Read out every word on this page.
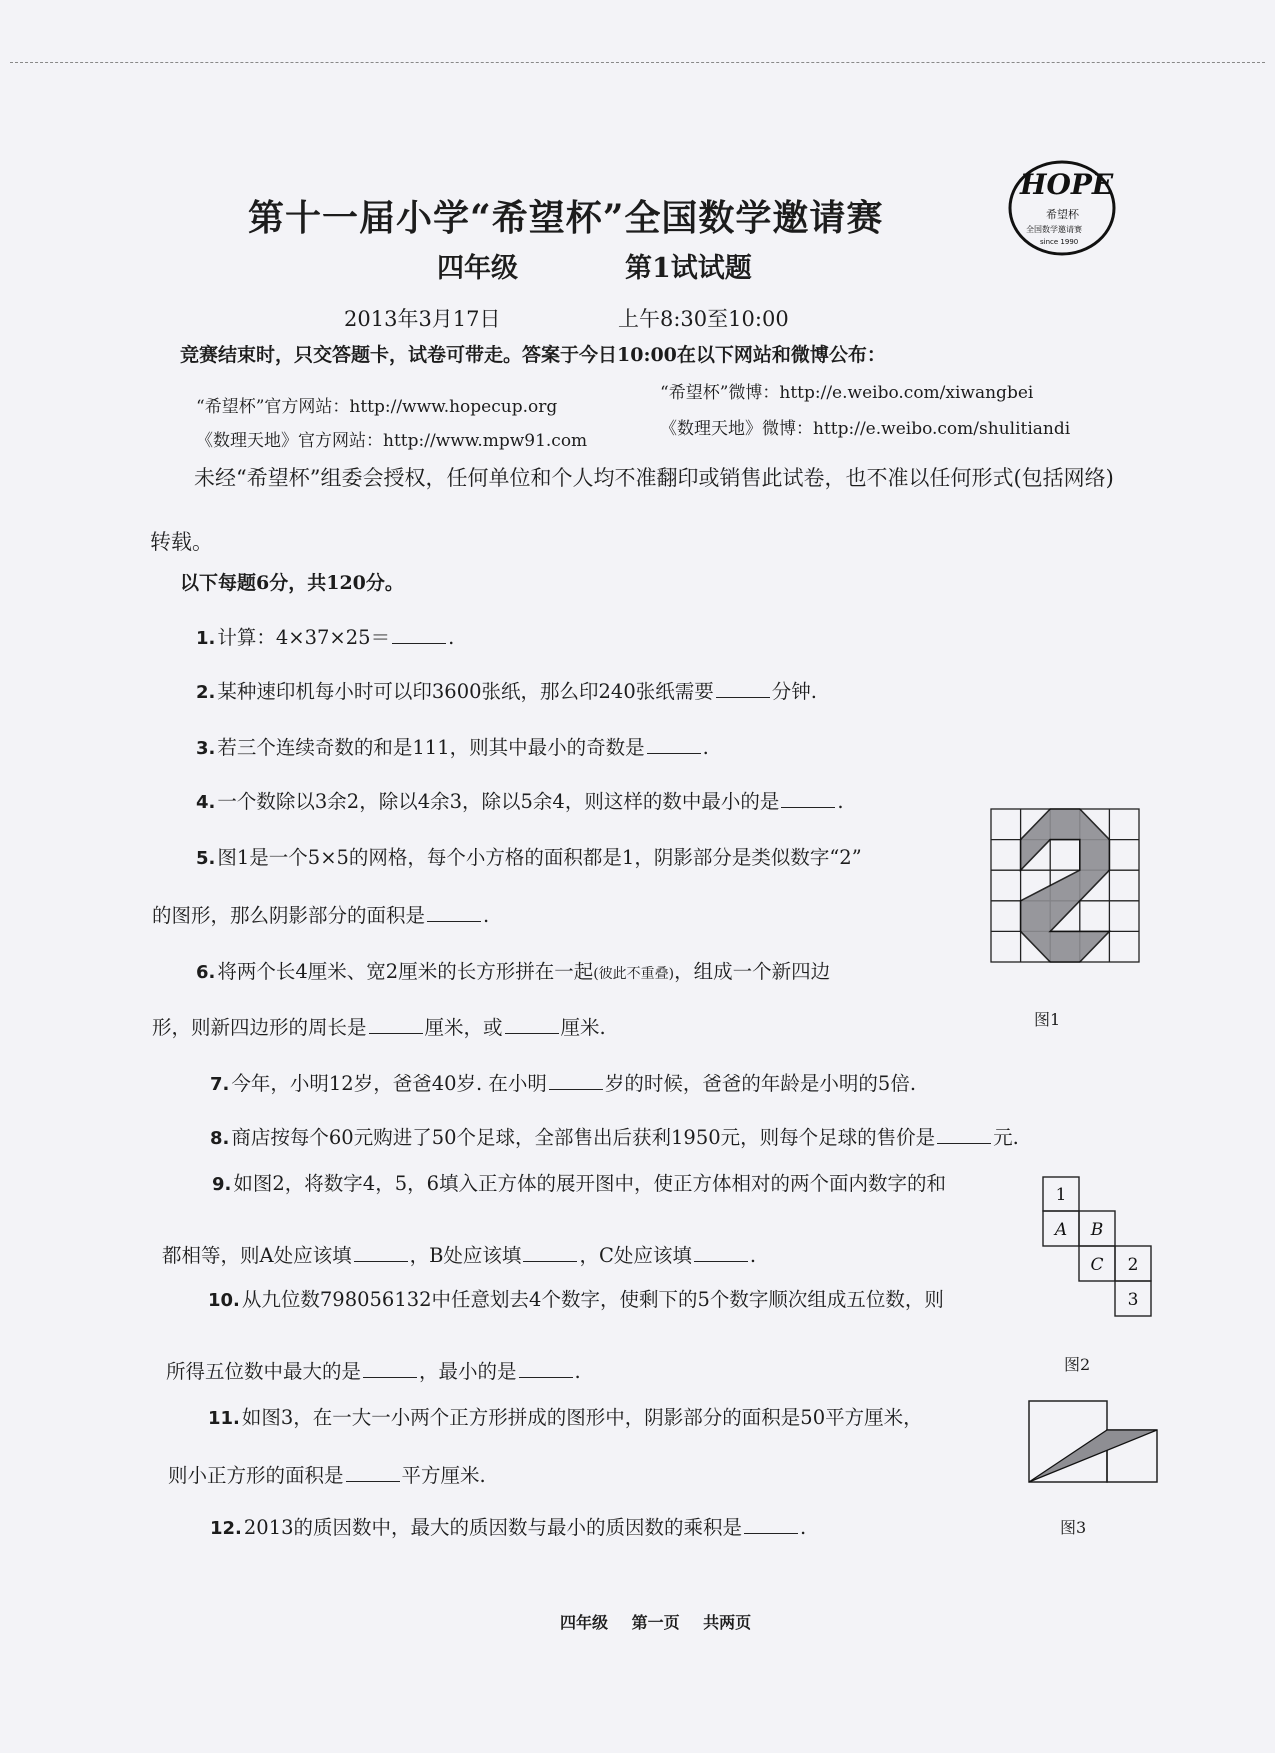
第十一届小学“希望杯”全国数学邀请赛
HOPE
希望杯
全国数学邀请赛
since 1990
四年级	第1试试题
2013年3月17日	上午8:30至10:00
竞赛结束时，只交答题卡，试卷可带走。答案于今日10:00在以下网站和微博公布：
“希望杯”官方网站：http://www.hopecup.org
“希望杯”微博：http://e.weibo.com/xiwangbei
《数理天地》官方网站：http://www.mpw91.com
《数理天地》微博：http://e.weibo.com/shulitiandi
未经“希望杯”组委会授权，任何单位和个人均不准翻印或销售此试卷，也不准以任何形式(包括网络)转载。
以下每题6分，共120分。
1. 计算：4×37×25＝	.
2. 某种速印机每小时可以印3600张纸，那么印240张纸需要	分钟.
3. 若三个连续奇数的和是111，则其中最小的奇数是	.
4. 一个数除以3余2，除以4余3，除以5余4，则这样的数中最小的是	.
5. 图1是一个5×5的网格，每个小方格的面积都是1，阴影部分是类似数字“2”
的图形，那么阴影部分的面积是	.
6. 将两个长4厘米、宽2厘米的长方形拼在一起(彼此不重叠)，组成一个新四边
形，则新四边形的周长是	厘米，或	厘米.
7. 今年，小明12岁，爸爸40岁. 在小明	岁的时候，爸爸的年龄是小明的5倍.
8. 商店按每个60元购进了50个足球，全部售出后获利1950元，则每个足球的售价是	元.
9. 如图2，将数字4，5，6填入正方体的展开图中，使正方体相对的两个面内数字的和
都相等，则A处应该填	，B处应该填	，C处应该填	.
10. 从九位数798056132中任意划去4个数字，使剩下的5个数字顺次组成五位数，则
所得五位数中最大的是	，最小的是	.
11. 如图3，在一大一小两个正方形拼成的图形中，阴影部分的面积是50平方厘米，
则小正方形的面积是	平方厘米.
12. 2013的质因数中，最大的质因数与最小的质因数的乘积是	.
图1
1
A B
C 2
3
图2
图3
四年级 第一页 共两页
